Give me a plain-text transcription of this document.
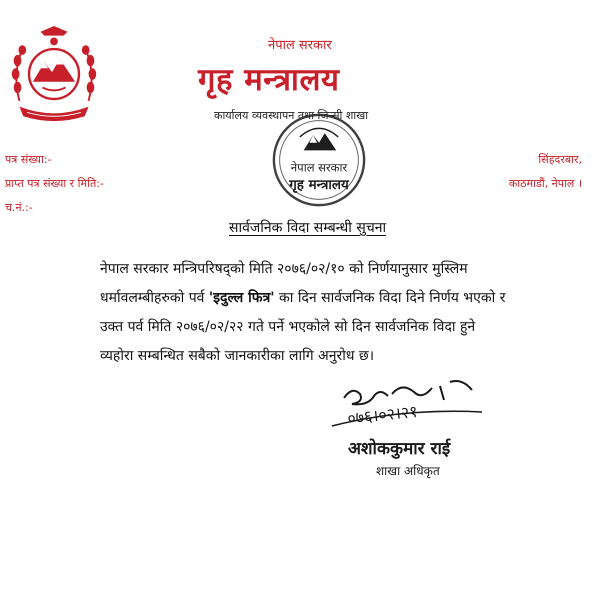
नेपाल सरकार
गृह मन्त्रालय
कार्यालय व्यवस्थापन तथा जिन्सी शाखा
नेपाल सरकार
गृह मन्त्रालय
पत्र संख्या:-
प्राप्त पत्र संख्या र मिति:-
च.नं.:-
सिंहदरबार,
काठमाडौं, नेपाल ।
सार्वजनिक विदा सम्बन्धी सुचना
नेपाल सरकार मन्त्रिपरिषद्को मिति २०७६/०२/१० को निर्णयानुसार मुस्लिम धर्मावलम्बीहरुको पर्व 'इदुल्ल फित्र' का दिन सार्वजनिक विदा दिने निर्णय भएको र उक्त पर्व मिति २०७६/०२/२२ गते पर्ने भएकोले सो दिन सार्वजनिक विदा हुने व्यहोरा सम्बन्धित सबैको जानकारीका लागि अनुरोध छ।
०७६।०२।२१
अशोककुमार राई
शाखा अधिकृत
